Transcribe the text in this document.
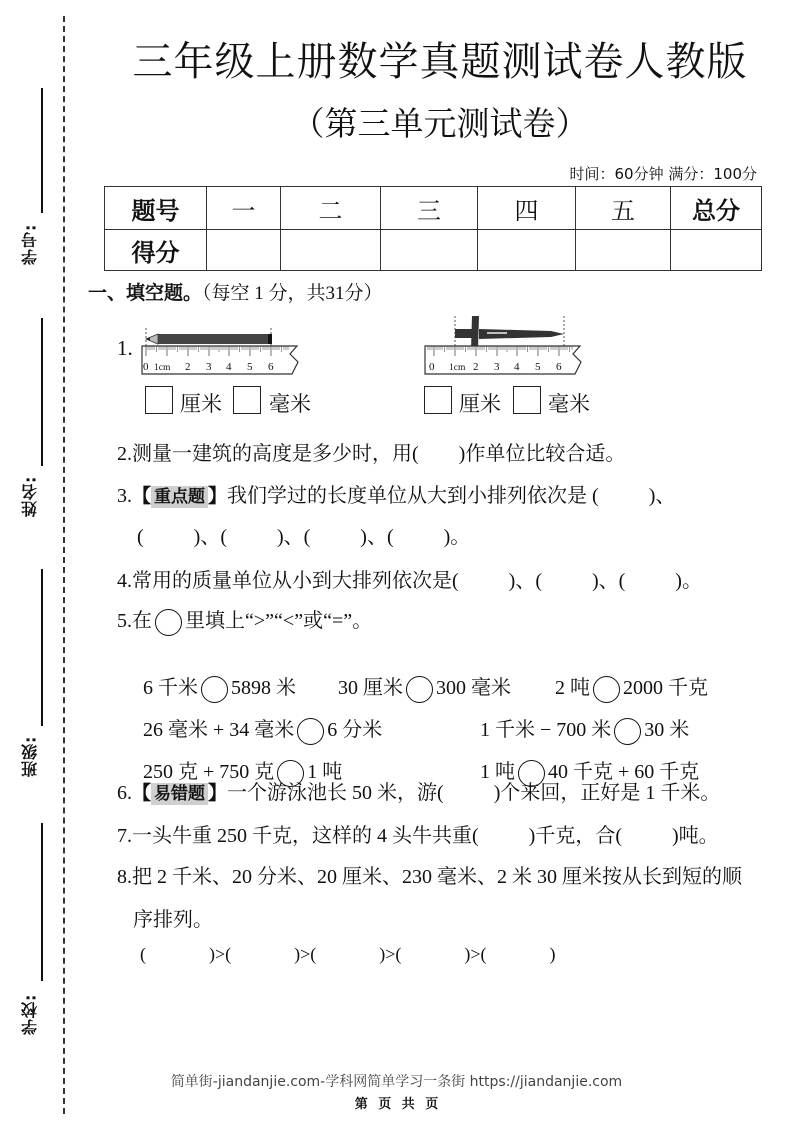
学号:
姓名:
班级:
学校:
三年级上册数学真题测试卷人教版
（第三单元测试卷）
时间：60分钟 满分：100分
题号	一	二	三	四	五	总分
得分						
一、填空题。（每空 1 分，共31分）
1.
0 1cm 2 3 4 5 6
厘米 毫米
0 1cm 2 3 4 5 6
厘米 毫米
2.测量一建筑的高度是多少时，用(        )作单位比较合适。
3.【 重点题 】我们学过的长度单位从大到小排列依次是 (          )、
(          )、(          )、(          )、(          )。
4.常用的质量单位从小到大排列依次是(          )、(          )、(          )。
5.在 里填上“>”“<”或“=”。

6 千米 5898 米	30 厘米 300 毫米	2 吨 2000 千克

26 毫米 + 34 毫米 6 分米	1 千米 − 700 米 30 米

250 克 + 750 克 1 吨	1 吨 40 千克 + 60 千克

6.【 易错题 】一个游泳池长 50 米，游(          )个来回，正好是 1 千米。
7.一头牛重 250 千克，这样的 4 头牛共重(          )千克，合(          )吨。
8.把 2 千米、20 分米、20 厘米、230 毫米、2 米 30 厘米按从长到短的顺
序排列。
(              )>(              )>(              )>(              )>(              )
简单街-jiandanjie.com-学科网简单学习一条街 https://jiandanjie.com
第 页 共 页
